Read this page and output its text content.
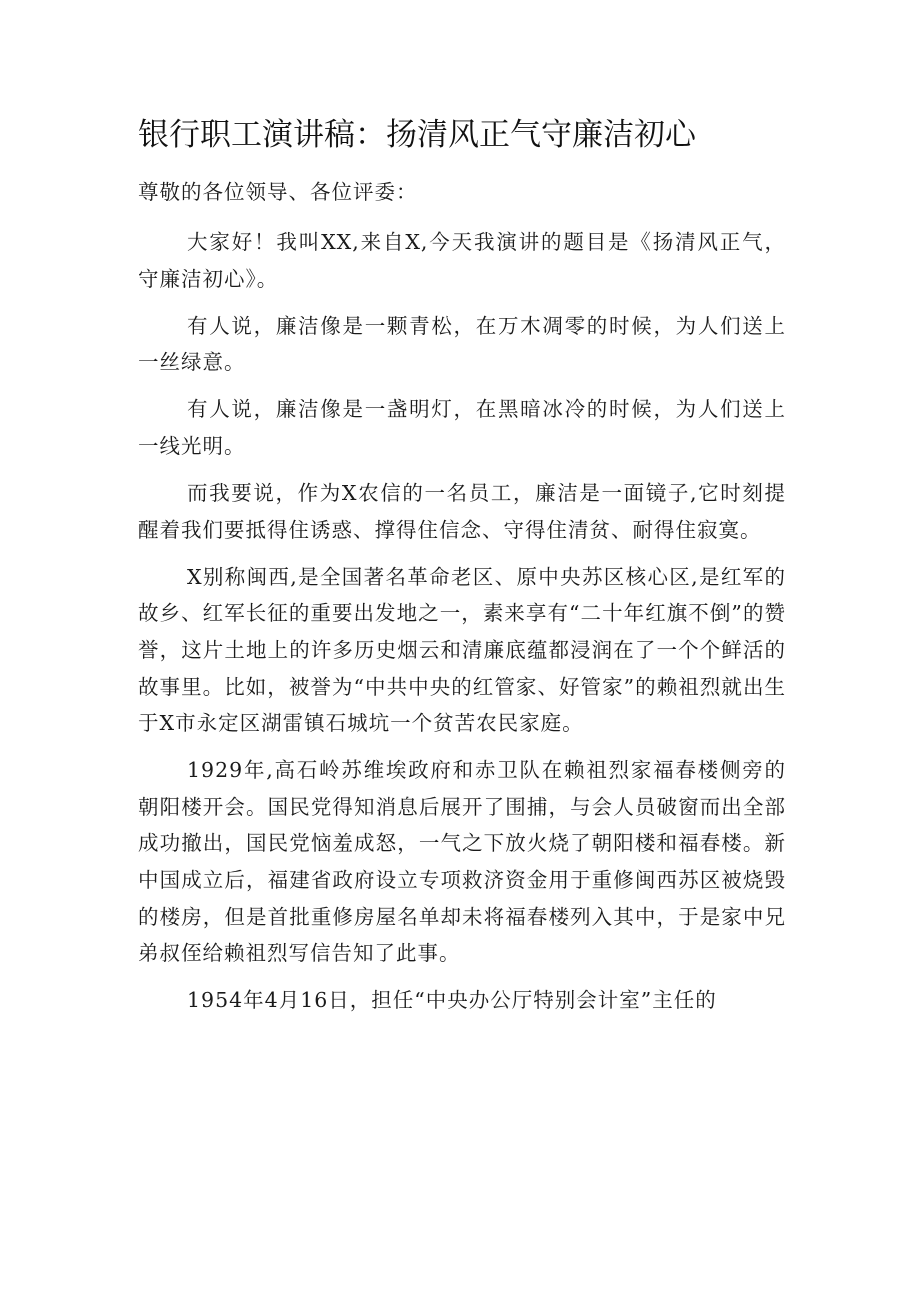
银行职工演讲稿：扬清风正气守廉洁初心
尊敬的各位领导、各位评委：

大家好！我叫XX,来自X,今天我演讲的题目是《扬清风正气，守廉洁初心》。

有人说，廉洁像是一颗青松，在万木凋零的时候，为人们送上一丝绿意。

有人说，廉洁像是一盏明灯，在黑暗冰冷的时候，为人们送上一线光明。

而我要说，作为X农信的一名员工，廉洁是一面镜子,它时刻提醒着我们要抵得住诱惑、撑得住信念、守得住清贫、耐得住寂寞。

X别称闽西,是全国著名革命老区、原中央苏区核心区,是红军的故乡、红军长征的重要出发地之一，素来享有“二十年红旗不倒”的赞誉，这片土地上的许多历史烟云和清廉底蕴都浸润在了一个个鲜活的故事里。比如，被誉为“中共中央的红管家、好管家”的赖祖烈就出生于X市永定区湖雷镇石城坑一个贫苦农民家庭。

1929年,高石岭苏维埃政府和赤卫队在赖祖烈家福春楼侧旁的朝阳楼开会。国民党得知消息后展开了围捕，与会人员破窗而出全部成功撤出，国民党恼羞成怒，一气之下放火烧了朝阳楼和福春楼。新中国成立后，福建省政府设立专项救济资金用于重修闽西苏区被烧毁的楼房，但是首批重修房屋名单却未将福春楼列入其中，于是家中兄弟叔侄给赖祖烈写信告知了此事。

1954年4月16日，担任“中央办公厅特别会计室”主任的
